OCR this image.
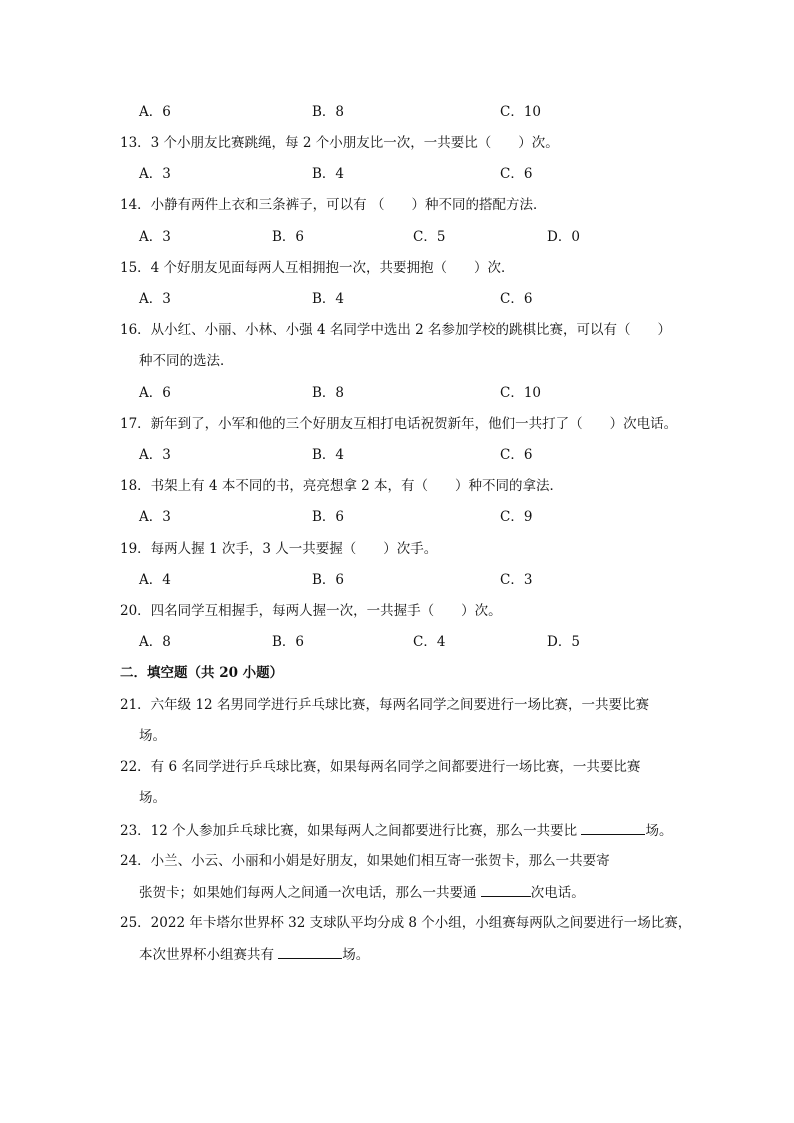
A．6	B．8	C．10
13．3 个小朋友比赛跳绳，每 2 个小朋友比一次，一共要比（　　）次。
A．3	B．4	C．6
14．小静有两件上衣和三条裤子，可以有 （　　）种不同的搭配方法．
A．3	B．6	C．5	D．0
15．4 个好朋友见面每两人互相拥抱一次，共要拥抱（　　）次．
A．3	B．4	C．6
16．从小红、小丽、小林、小强 4 名同学中选出 2 名参加学校的跳棋比赛，可以有（　　）
种不同的选法．
A．6	B．8	C．10
17．新年到了，小军和他的三个好朋友互相打电话祝贺新年，他们一共打了（　　）次电话。
A．3	B．4	C．6
18．书架上有 4 本不同的书，亮亮想拿 2 本，有（　　）种不同的拿法．
A．3	B．6	C．9
19．每两人握 1 次手，3 人一共要握（　　）次手。
A．4	B．6	C．3
20．四名同学互相握手，每两人握一次，一共握手（　　）次。
A．8	B．6	C．4	D．5
二．填空题（共 20 小题）
21．六年级 12 名男同学进行乒乓球比赛，每两名同学之间要进行一场比赛，一共要比赛
场。
22．有 6 名同学进行乒乓球比赛，如果每两名同学之间都要进行一场比赛，一共要比赛
场。
23．12 个人参加乒乓球比赛，如果每两人之间都要进行比赛，那么一共要比	场。
24．小兰、小云、小丽和小娟是好朋友，如果她们相互寄一张贺卡，那么一共要寄
张贺卡；如果她们每两人之间通一次电话，那么一共要通	次电话。
25．2022 年卡塔尔世界杯 32 支球队平均分成 8 个小组，小组赛每两队之间要进行一场比赛，
本次世界杯小组赛共有	场。
